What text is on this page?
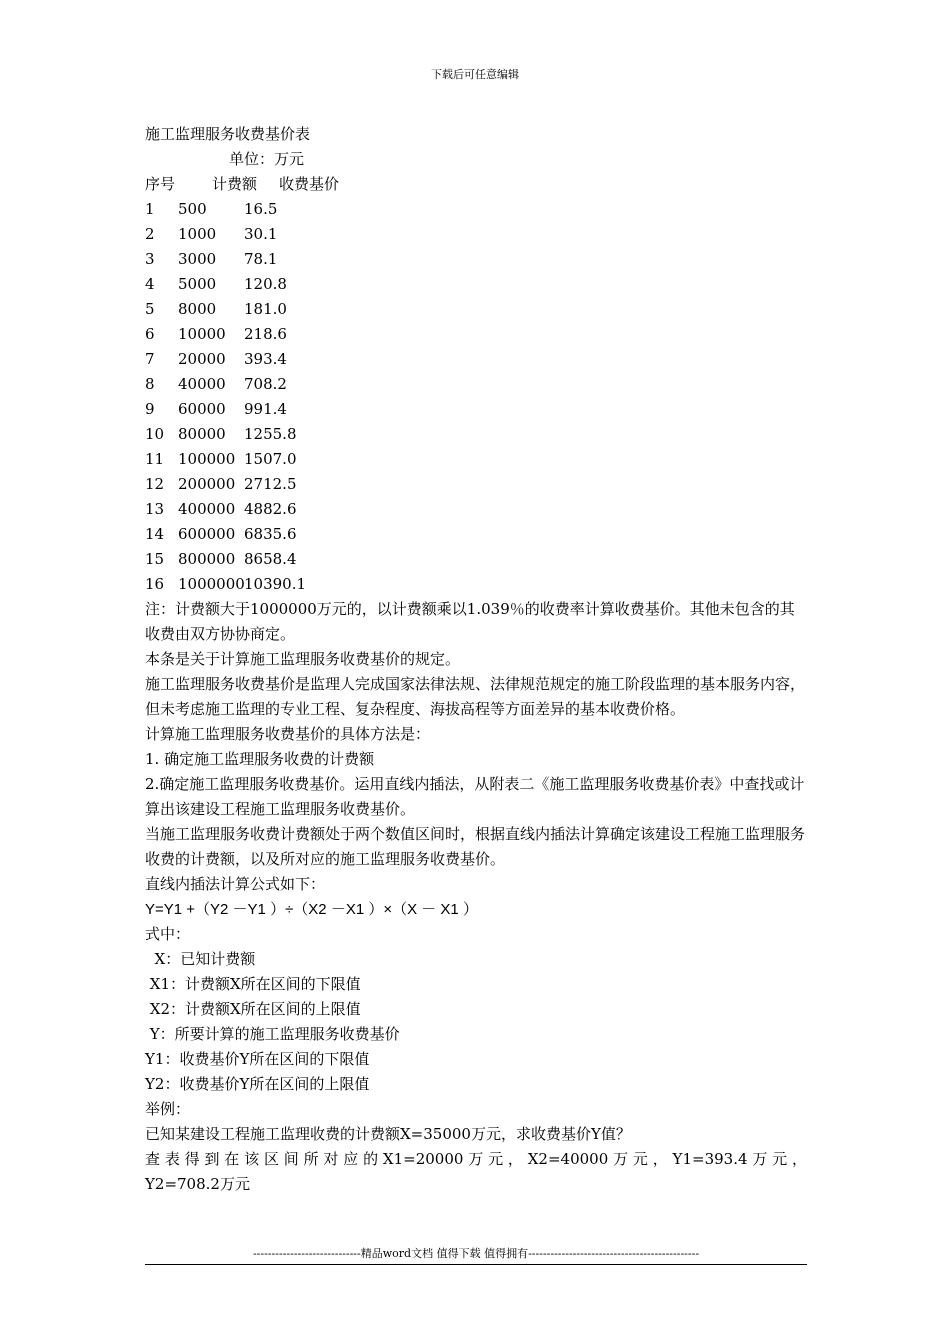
下载后可任意编辑
施工监理服务收费基价表
单位：万元
序号 计费额 收费基价
1 500 16.5
2 1000 30.1
3 3000 78.1
4 5000 120.8
5 8000 181.0
6 10000 218.6
7 20000 393.4
8 40000 708.2
9 60000 991.4
10 80000 1255.8
11 100000 1507.0
12 200000 2712.5
13 400000 4882.6
14 600000 6835.6
15 800000 8658.4
16 100000010390.1
注：计费额大于1000000万元的，以计费额乘以1.039％的收费率计算收费基价。其他未包含的其收费由双方协协商定。
本条是关于计算施工监理服务收费基价的规定。
施工监理服务收费基价是监理人完成国家法律法规、法律规范规定的施工阶段监理的基本服务内容，但未考虑施工监理的专业工程、复杂程度、海拔高程等方面差异的基本收费价格。
计算施工监理服务收费基价的具体方法是：
1. 确定施工监理服务收费的计费额
2.确定施工监理服务收费基价。运用直线内插法，从附表二《施工监理服务收费基价表》中查找或计算出该建设工程施工监理服务收费基价。
当施工监理服务收费计费额处于两个数值区间时，根据直线内插法计算确定该建设工程施工监理服务收费的计费额，以及所对应的施工监理服务收费基价。
直线内插法计算公式如下：
Y=Y1 +（Y2 －Y1 ）÷（X2 －X1 ）×（X － X1 ）
式中：
X：已知计费额
X1：计费额X所在区间的下限值
X2：计费额X所在区间的上限值
Y：所要计算的施工监理服务收费基价
Y1：收费基价Y所在区间的下限值
Y2：收费基价Y所在区间的上限值
举例：
已知某建设工程施工监理收费的计费额X=35000万元，求收费基价Y值？
查表得到在该区间所对应的X1=20000万元，X2=40000万元，Y1=393.4万元，
Y2=708.2万元
-----------------------------精品word文档 值得下载 值得拥有----------------------------------------------
